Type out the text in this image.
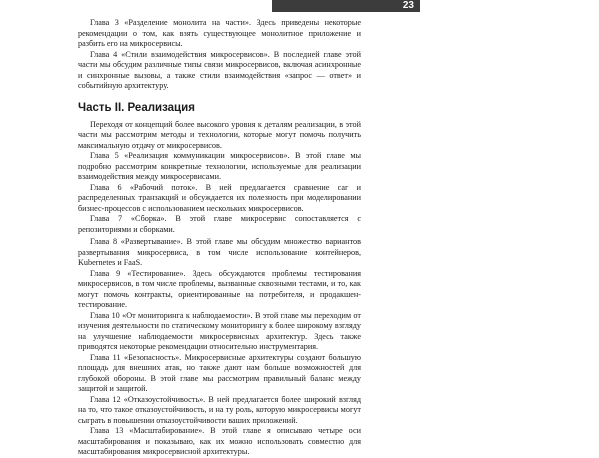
Предисловие
23

Глава 3 «Разделение монолита на части». Здесь приведены некоторые рекомендации о том, как взять существующее монолитное приложение и разбить его на микросервисы.

Глава 4 «Стили взаимодействия микросервисов». В последней главе этой части мы обсудим различные типы связи микросервисов, включая асинхронные и синхронные вызовы, а также стили взаимодействия «запрос — ответ» и событийную архитектуру.

Часть II. Реализация

Переходя от концепций более высокого уровня к деталям реализации, в этой части мы рассмотрим методы и технологии, которые могут помочь получить максимальную отдачу от микросервисов.

Глава 5 «Реализация коммуникации микросервисов». В этой главе мы подробно рассмотрим конкретные технологии, используемые для реализации взаимодействия между микросервисами.

Глава 6 «Рабочий поток». В ней предлагается сравнение саг и распределенных транзакций и обсуждается их полезность при моделировании бизнес-процессов с использованием нескольких микросервисов.

Глава 7 «Сборка». В этой главе микросервис сопоставляется с репозиториями и сборками.

Глава 8 «Развертывание». В этой главе мы обсудим множество вариантов развертывания микросервиса, в том числе использование контейнеров, Kubernetes и FaaS.

Глава 9 «Тестирование». Здесь обсуждаются проблемы тестирования микросервисов, в том числе проблемы, вызванные сквозными тестами, и то, как могут помочь контракты, ориентированные на потребителя, и продакшен-тестирование.

Глава 10 «От мониторинга к наблюдаемости». В этой главе мы переходим от изучения деятельности по статическому мониторингу к более широкому взгляду на улучшение наблюдаемости микросервисных архитектур. Здесь также приводятся некоторые рекомендации относительно инструментария.

Глава 11 «Безопасность». Микросервисные архитектуры создают большую площадь для внешних атак, но также дают нам больше возможностей для глубокой обороны. В этой главе мы рассмотрим правильный баланс между защитой и защитой.

Глава 12 «Отказоустойчивость». В ней предлагается более широкий взгляд на то, что такое отказоустойчивость, и на ту роль, которую микросервисы могут сыграть в повышении отказоустойчивости ваших приложений.

Глава 13 «Масштабирование». В этой главе я описываю четыре оси масштабирования и показываю, как их можно использовать совместно для масштабирования микросервисной архитектуры.
